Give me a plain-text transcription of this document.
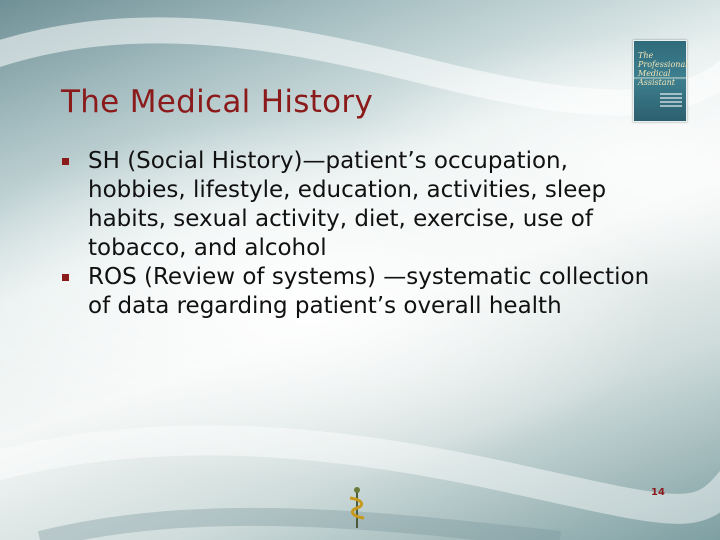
The Professional Medical Assistant
The Medical History
SH (Social History)—patient’s occupation, hobbies, lifestyle, education, activities, sleep habits, sexual activity, diet, exercise, use of tobacco, and alcohol
ROS (Review of systems) —systematic collection of data regarding patient’s overall health
14
